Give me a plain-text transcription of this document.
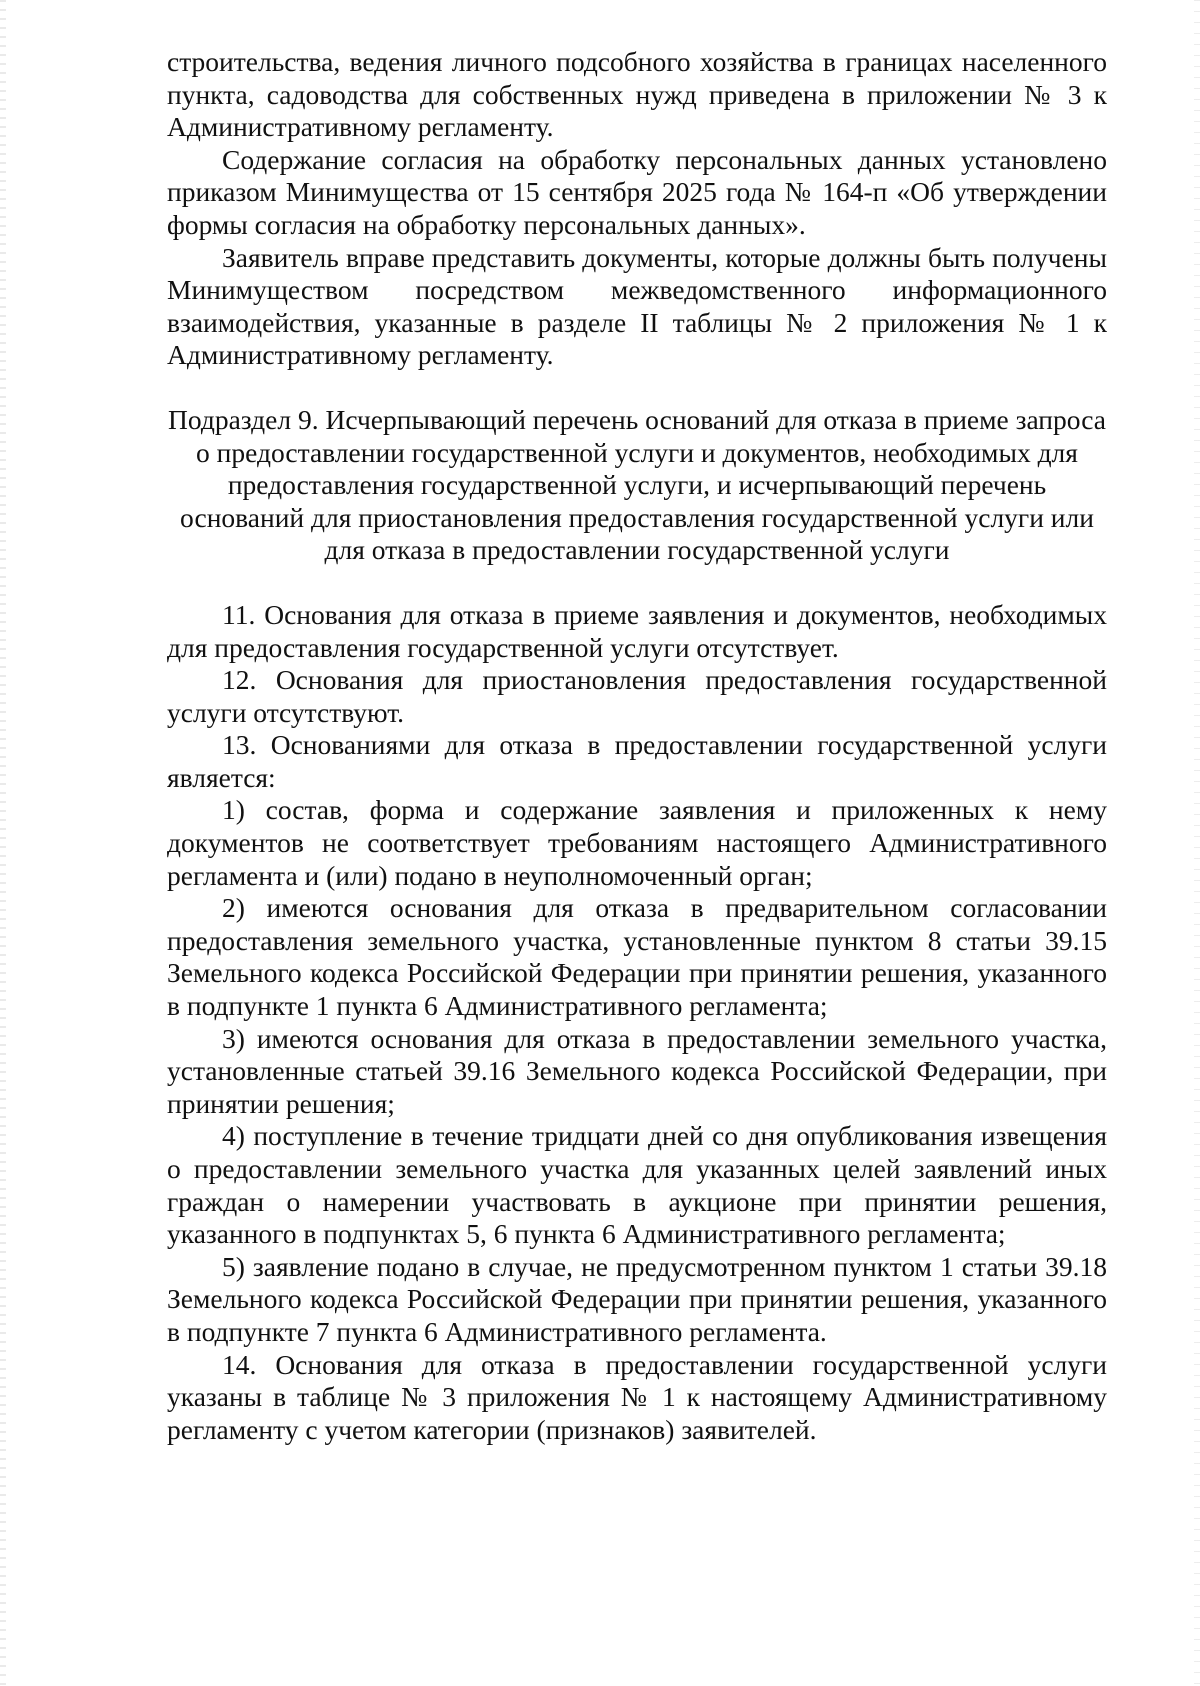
строительства, ведения личного подсобного хозяйства в границах населенного пункта, садоводства для собственных нужд приведена в приложении № 3 к Административному регламенту.

Содержание согласия на обработку персональных данных установлено приказом Минимущества от 15 сентября 2025 года № 164-п «Об утверждении формы согласия на обработку персональных данных».

Заявитель вправе представить документы, которые должны быть получены Минимуществом посредством межведомственного информационного взаимодействия, указанные в разделе II таблицы № 2 приложения № 1 к Административному регламенту.

Подраздел 9. Исчерпывающий перечень оснований для отказа в приеме запроса о предоставлении государственной услуги и документов, необходимых для предоставления государственной услуги, и исчерпывающий перечень оснований для приостановления предоставления государственной услуги или для отказа в предоставлении государственной услуги

11. Основания для отказа в приеме заявления и документов, необходимых для предоставления государственной услуги отсутствует.

12. Основания для приостановления предоставления государственной услуги отсутствуют.

13. Основаниями для отказа в предоставлении государственной услуги является:

1) состав, форма и содержание заявления и приложенных к нему документов не соответствует требованиям настоящего Административного регламента и (или) подано в неуполномоченный орган;

2) имеются основания для отказа в предварительном согласовании предоставления земельного участка, установленные пунктом 8 статьи 39.15 Земельного кодекса Российской Федерации при принятии решения, указанного в подпункте 1 пункта 6 Административного регламента;

3) имеются основания для отказа в предоставлении земельного участка, установленные статьей 39.16 Земельного кодекса Российской Федерации, при принятии решения;

4) поступление в течение тридцати дней со дня опубликования извещения о предоставлении земельного участка для указанных целей заявлений иных граждан о намерении участвовать в аукционе при принятии решения, указанного в подпунктах 5, 6 пункта 6 Административного регламента;

5) заявление подано в случае, не предусмотренном пунктом 1 статьи 39.18 Земельного кодекса Российской Федерации при принятии решения, указанного в подпункте 7 пункта 6 Административного регламента.

14. Основания для отказа в предоставлении государственной услуги указаны в таблице № 3 приложения № 1 к настоящему Административному регламенту с учетом категории (признаков) заявителей.
